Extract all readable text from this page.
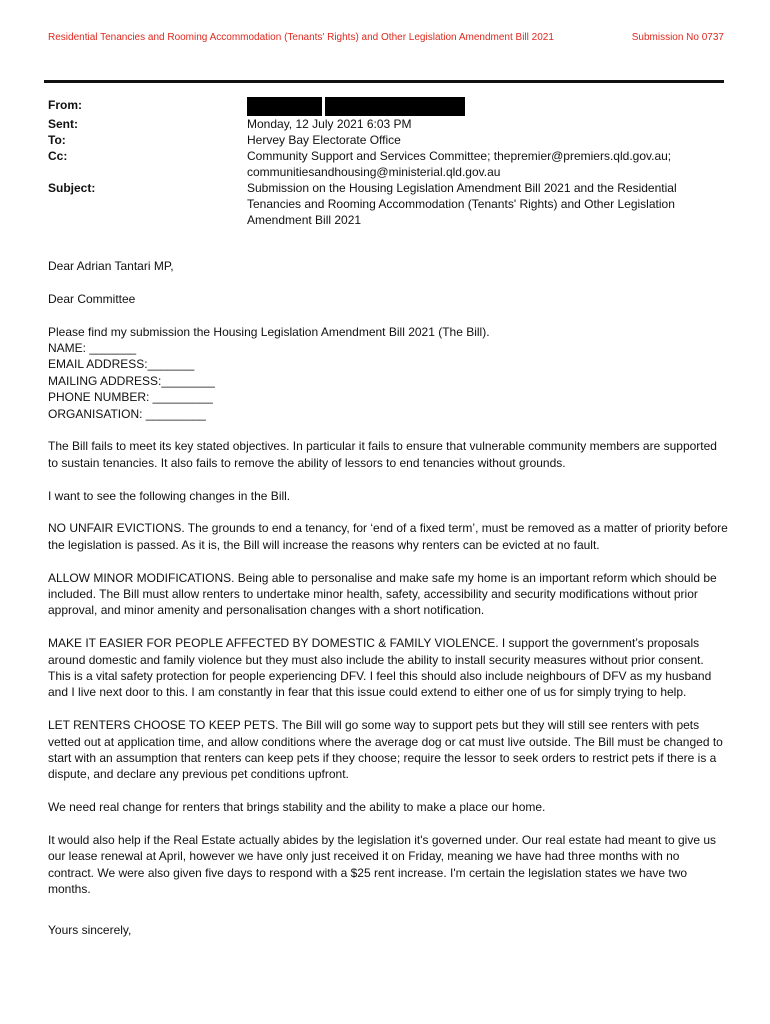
Residential Tenancies and Rooming Accommodation (Tenants' Rights) and Other Legislation Amendment Bill 2021	Submission No 0737
From:
Sent:	Monday, 12 July 2021 6:03 PM
To:	Hervey Bay Electorate Office
Cc:	Community Support and Services Committee; thepremier@premiers.qld.gov.au;
communitiesandhousing@ministerial.qld.gov.au
Subject:	Submission on the Housing Legislation Amendment Bill 2021 and the Residential Tenancies and Rooming Accommodation (Tenants' Rights) and Other Legislation Amendment Bill 2021

Dear Adrian Tantari MP,

Dear Committee

Please find my submission the Housing Legislation Amendment Bill 2021 (The Bill).
NAME: _______
EMAIL ADDRESS:_______
MAILING ADDRESS:________
PHONE NUMBER: _________
ORGANISATION: _________

The Bill fails to meet its key stated objectives. In particular it fails to ensure that vulnerable community members are supported to sustain tenancies. It also fails to remove the ability of lessors to end tenancies without grounds.

I want to see the following changes in the Bill.

NO UNFAIR EVICTIONS. The grounds to end a tenancy, for ‘end of a fixed term’, must be removed as a matter of priority before the legislation is passed. As it is, the Bill will increase the reasons why renters can be evicted at no fault.

ALLOW MINOR MODIFICATIONS. Being able to personalise and make safe my home is an important reform which should be included. The Bill must allow renters to undertake minor health, safety, accessibility and security modifications without prior approval, and minor amenity and personalisation changes with a short notification.

MAKE IT EASIER FOR PEOPLE AFFECTED BY DOMESTIC & FAMILY VIOLENCE. I support the government’s proposals around domestic and family violence but they must also include the ability to install security measures without prior consent. This is a vital safety protection for people experiencing DFV. I feel this should also include neighbours of DFV as my husband and I live next door to this. I am constantly in fear that this issue could extend to either one of us for simply trying to help.

LET RENTERS CHOOSE TO KEEP PETS. The Bill will go some way to support pets but they will still see renters with pets vetted out at application time, and allow conditions where the average dog or cat must live outside. The Bill must be changed to start with an assumption that renters can keep pets if they choose; require the lessor to seek orders to restrict pets if there is a dispute, and declare any previous pet conditions upfront.

We need real change for renters that brings stability and the ability to make a place our home.

It would also help if the Real Estate actually abides by the legislation it's governed under. Our real estate had meant to give us our lease renewal at April, however we have only just received it on Friday, meaning we have had three months with no contract. We were also given five days to respond with a $25 rent increase. I'm certain the legislation states we have two months.

Yours sincerely,
